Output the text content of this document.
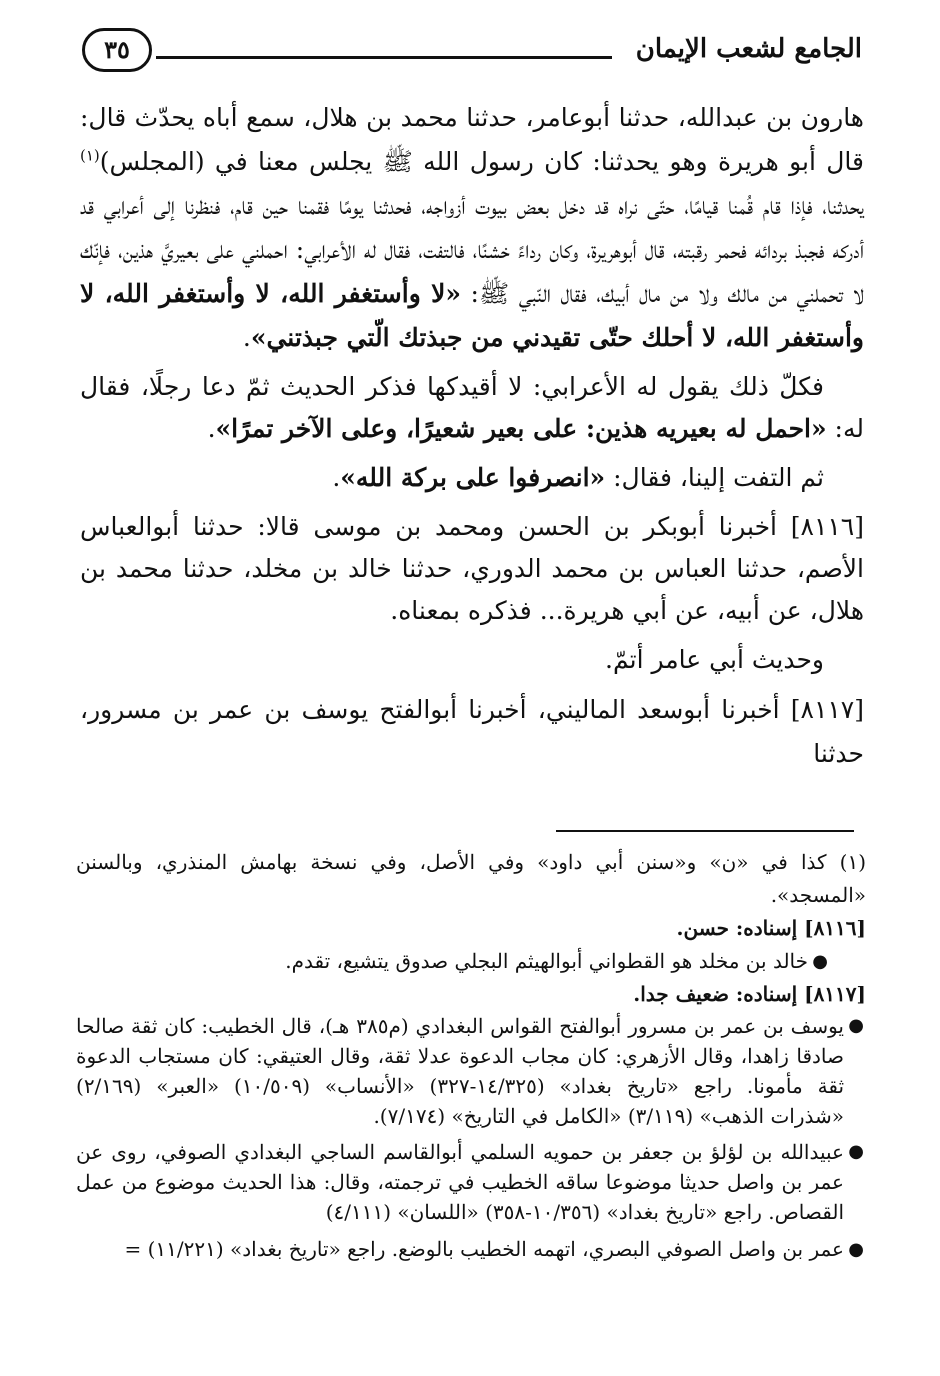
الجامع لشعب الإيمان
٣٥

هارون بن عبدالله، حدثنا أبوعامر، حدثنا محمد بن هلال، سمع أباه يحدّث قال: قال أبو هريرة وهو يحدثنا: كان رسول الله ﷺ يجلس معنا في (المجلس)$^{(١)}$ يحدثنا، فإذا قام قُمنا قيامًا، حتّى نراه قد دخل بعض بيوت أزواجه، فحدثنا يومًا فقمنا حين قام، فنظرنا إلى أعرابي قد أدركه فجبذ بردائه فحمر رقبته، قال أبوهريرة، وكان رداءً خشنًا، فالتفت، فقال له الأعرابي: احملني على بعيريَّ هذين، فإنّك لا تحملني من مالك ولا من مال أبيك، فقال النّبي ﷺ: «لا وأستغفر الله، لا وأستغفر الله، لا وأستغفر الله، لا أحلك حتّى تقيدني من جبذتك الّتي جبذتني».

فكلّ ذلك يقول له الأعرابي: لا أقيدكها فذكر الحديث ثمّ دعا رجلًا، فقال له: «احمل له بعيريه هذين: على بعير شعيرًا، وعلى الآخر تمرًا».

ثم التفت إلينا، فقال: «انصرفوا على بركة الله».

[٨١١٦] أخبرنا أبوبكر بن الحسن ومحمد بن موسى قالا: حدثنا أبوالعباس الأصم، حدثنا العباس بن محمد الدوري، حدثنا خالد بن مخلد، حدثنا محمد بن هلال، عن أبيه، عن أبي هريرة... فذكره بمعناه.

وحديث أبي عامر أتمّ.

[٨١١٧] أخبرنا أبوسعد الماليني، أخبرنا أبوالفتح يوسف بن عمر بن مسرور، حدثنا

(١) كذا في «ن» و«سنن أبي داود» وفي الأصل، وفي نسخة بهامش المنذري، وبالسنن «المسجد».

[٨١١٦] إسناده: حسن.

●
خالد بن مخلد هو القطواني أبوالهيثم البجلي صدوق يتشيع، تقدم.

[٨١١٧] إسناده: ضعيف جدا.

●
يوسف بن عمر بن مسرور أبوالفتح القواس البغدادي (م٣٨٥ هـ)، قال الخطيب: كان ثقة صالحا صادقا زاهدا، وقال الأزهري: كان مجاب الدعوة عدلا ثقة، وقال العتيقي: كان مستجاب الدعوة ثقة مأمونا. راجع «تاريخ بغداد» (١٤/٣٢٥-٣٢٧) «الأنساب» (١٠/٥٠٩) «العبر» (٢/١٦٩) «شذرات الذهب» (٣/١١٩) «الكامل في التاريخ» (٧/١٧٤).

●
عبيدالله بن لؤلؤ بن جعفر بن حمويه السلمي أبوالقاسم الساجي البغدادي الصوفي، روى عن عمر بن واصل حديثا موضوعا ساقه الخطيب في ترجمته، وقال: هذا الحديث موضوع من عمل القصاص. راجع «تاريخ بغداد» (١٠/٣٥٦-٣٥٨) «اللسان» (٤/١١١)

●
عمر بن واصل الصوفي البصري، اتهمه الخطيب بالوضع. راجع «تاريخ بغداد» (١١/٢٢١) =
